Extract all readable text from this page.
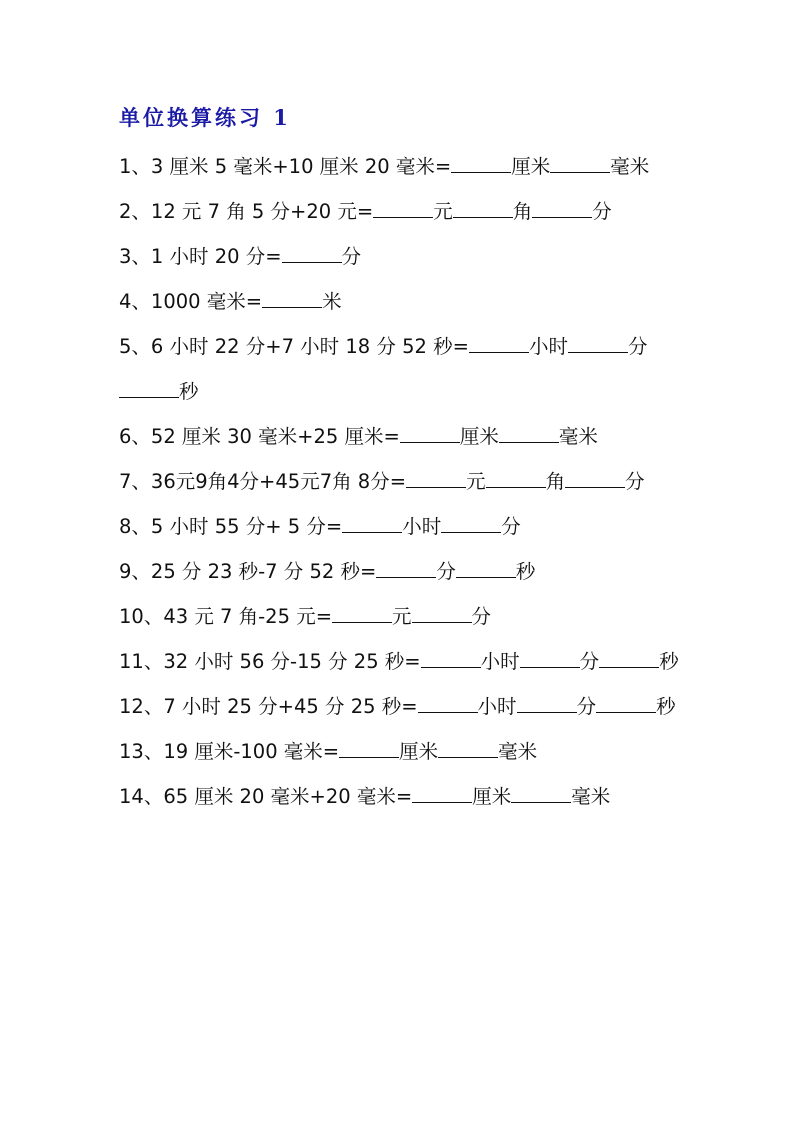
单位换算练习 1
1、3 厘米 5 毫米+10 厘米 20 毫米=	厘米	毫米
2、12 元 7 角 5 分+20 元=	元	角	分
3、1 小时 20 分=	分
4、1000 毫米=	米
5、6 小时 22 分+7 小时 18 分 52 秒=	小时	分秒
6、52 厘米 30 毫米+25 厘米=	厘米	毫米
7、36元9角4分+45元7角 8分=	元	角	分
8、5 小时 55 分+ 5 分=	小时	分
9、25 分 23 秒-7 分 52 秒=	分	秒
10、43 元 7 角-25 元=	元	分
11、32 小时 56 分-15 分 25 秒=	小时	分	秒
12、7 小时 25 分+45 分 25 秒=	小时	分	秒
13、19 厘米-100 毫米=	厘米	毫米
14、65 厘米 20 毫米+20 毫米=	厘米	毫米
